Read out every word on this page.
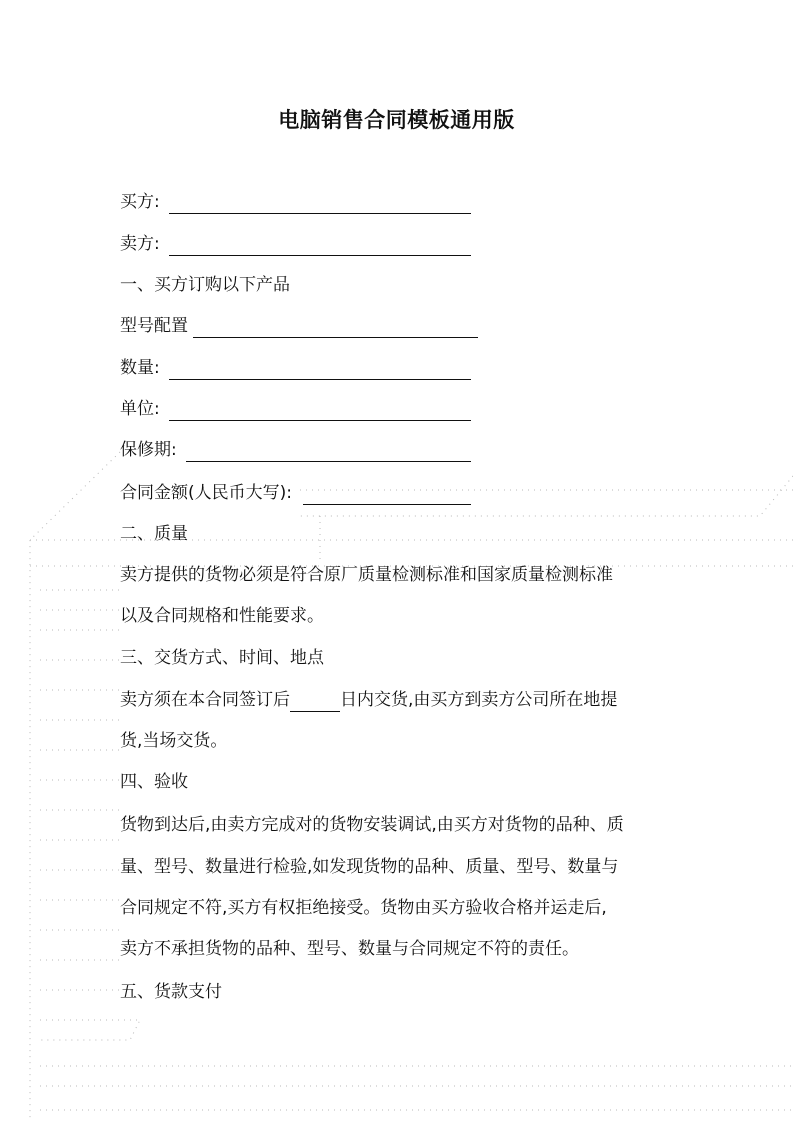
电脑销售合同模板通用版
买方:
卖方:
一、买方订购以下产品
型号配置
数量:
单位:
保修期:
合同金额(人民币大写):
二、质量
卖方提供的货物必须是符合原厂质量检测标准和国家质量检测标准
以及合同规格和性能要求。
三、交货方式、时间、地点
卖方须在本合同签订后	日内交货,由买方到卖方公司所在地提
货,当场交货。
四、验收
货物到达后,由卖方完成对的货物安装调试,由买方对货物的品种、质
量、型号、数量进行检验,如发现货物的品种、质量、型号、数量与
合同规定不符,买方有权拒绝接受。货物由买方验收合格并运走后,
卖方不承担货物的品种、型号、数量与合同规定不符的责任。
五、货款支付
